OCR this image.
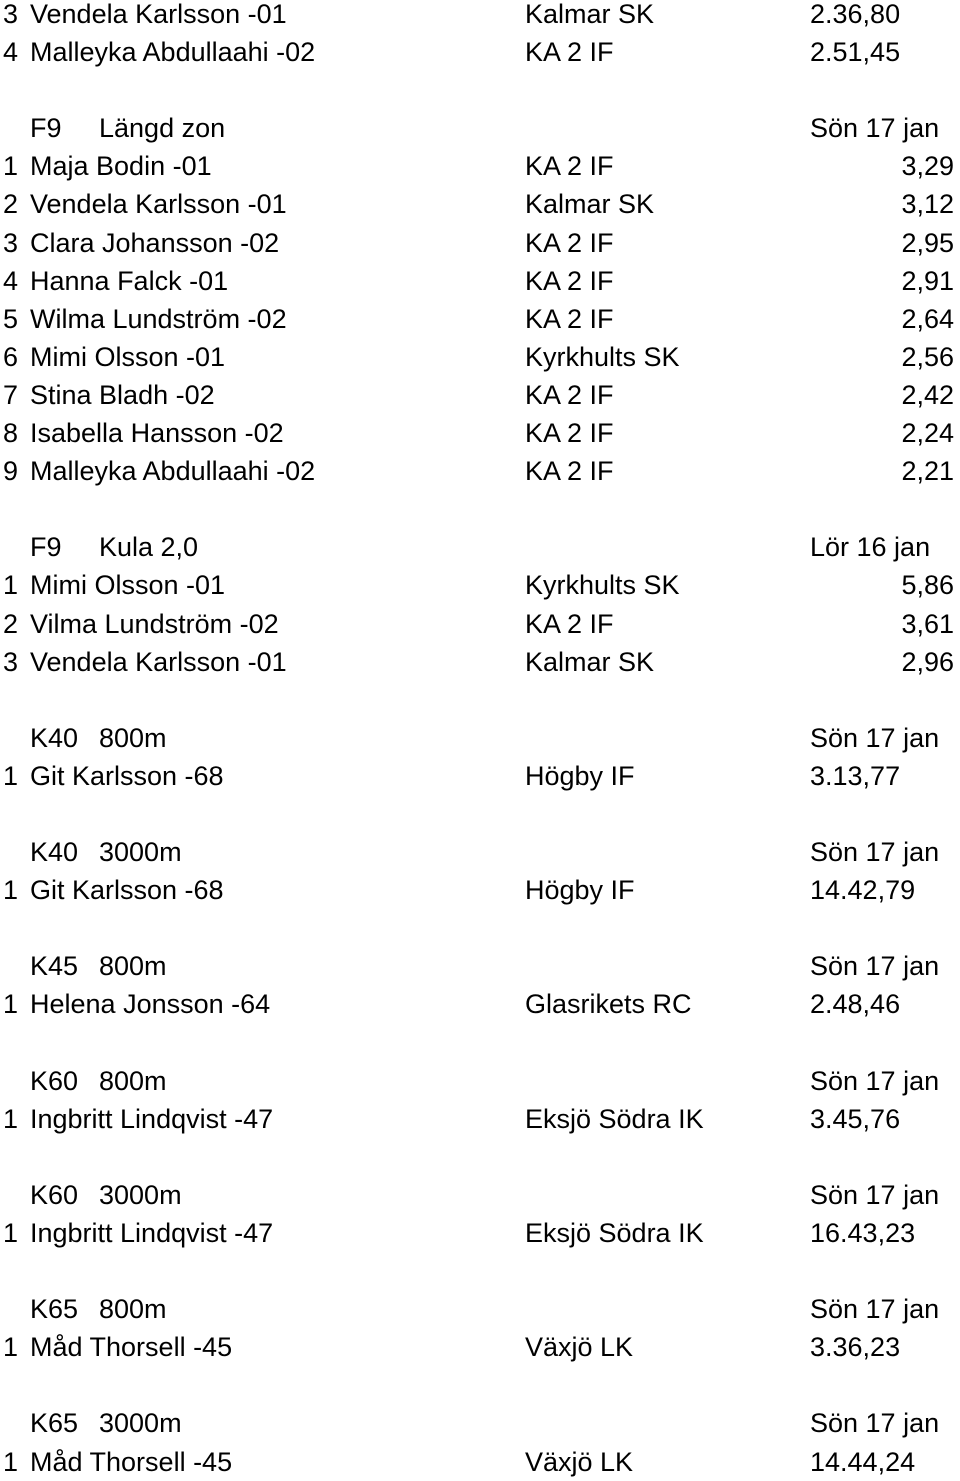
3 Vendela Karlsson -01	Kalmar SK	2.36,80
4 Malleyka Abdullaahi -02	KA 2 IF	2.51,45
F9 Längd zon	Sön 17 jan
1 Maja Bodin -01	KA 2 IF	3,29
2 Vendela Karlsson -01	Kalmar SK	3,12
3 Clara Johansson -02	KA 2 IF	2,95
4 Hanna Falck -01	KA 2 IF	2,91
5 Wilma Lundström -02	KA 2 IF	2,64
6 Mimi Olsson -01	Kyrkhults SK	2,56
7 Stina Bladh -02	KA 2 IF	2,42
8 Isabella Hansson -02	KA 2 IF	2,24
9 Malleyka Abdullaahi -02	KA 2 IF	2,21
F9 Kula 2,0	Lör 16 jan
1 Mimi Olsson -01	Kyrkhults SK	5,86
2 Vilma Lundström -02	KA 2 IF	3,61
3 Vendela Karlsson -01	Kalmar SK	2,96
K40 800m	Sön 17 jan
1 Git Karlsson -68	Högby IF	3.13,77
K40 3000m	Sön 17 jan
1 Git Karlsson -68	Högby IF	14.42,79
K45 800m	Sön 17 jan
1 Helena Jonsson -64	Glasrikets RC	2.48,46
K60 800m	Sön 17 jan
1 Ingbritt Lindqvist -47	Eksjö Södra IK	3.45,76
K60 3000m	Sön 17 jan
1 Ingbritt Lindqvist -47	Eksjö Södra IK	16.43,23
K65 800m	Sön 17 jan
1 Måd Thorsell -45	Växjö LK	3.36,23
K65 3000m	Sön 17 jan
1 Måd Thorsell -45	Växjö LK	14.44,24
